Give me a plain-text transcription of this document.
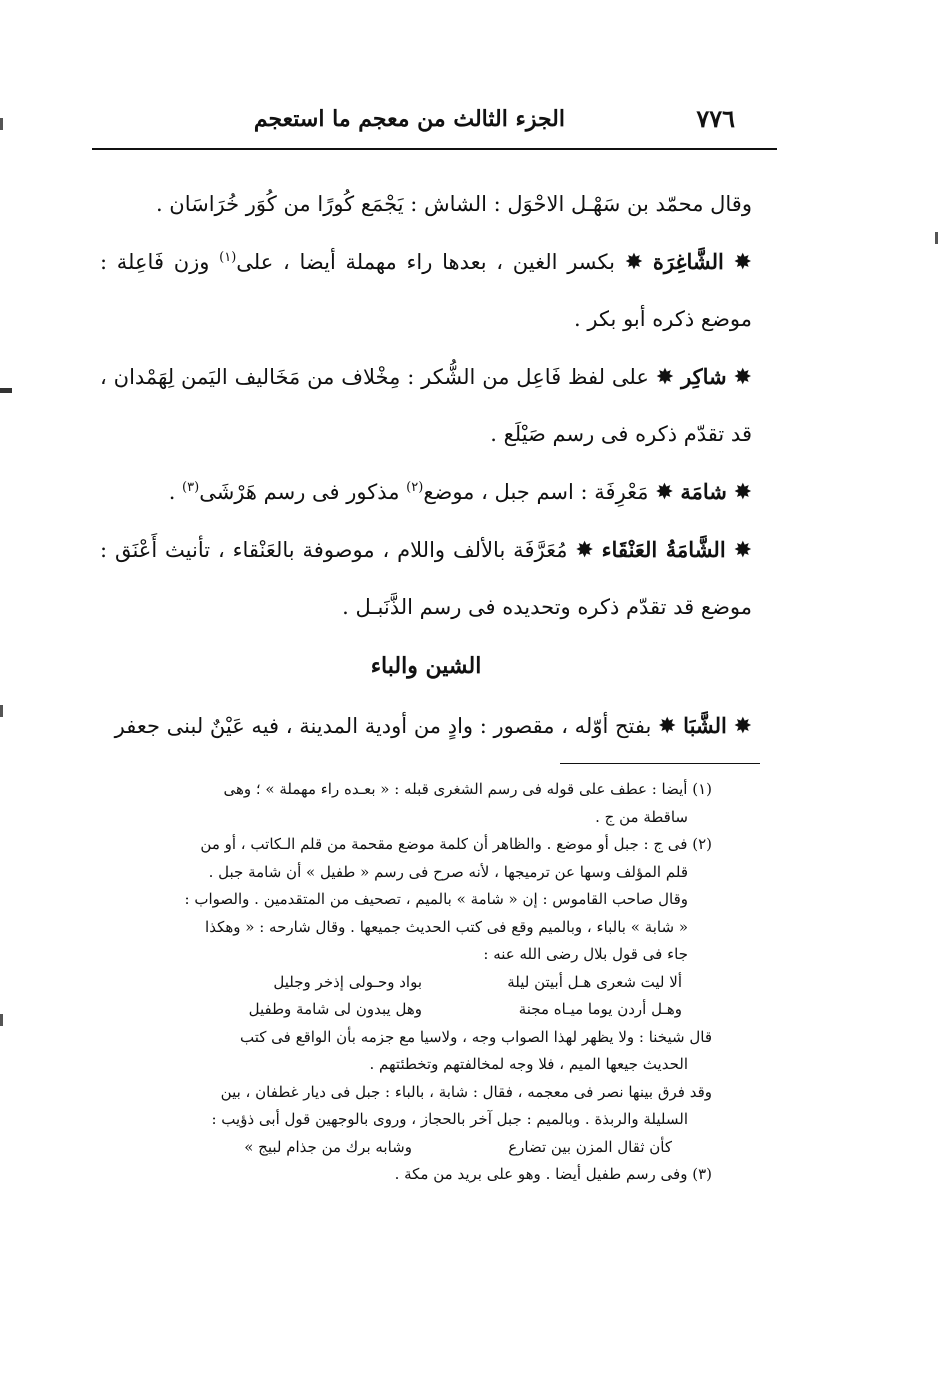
٧٧٦
الجزء الثالث من معجم ما استعجم

وقال محمّد بن سَهْـل الاحْوَل : الشاش : يَجْمَع كُورًا من كُوَر خُرَاسَان .

✸ الشَّاغِرَة ✸ بكسر الغين ، بعدها راء مهملة أيضا ، على$^{(١)}$ وزن فَاعِلة : موضع ذكره أبو بكر .

✸ شاكِر ✸ على لفظ فَاعِل من الشُّكر : مِخْلاف من مَخَاليف اليَمن لِهَمْدان ، قد تقدّم ذكره فى رسم صَيْلَع .

✸ شامَة ✸ مَعْرِفَة : اسم جبل ، موضع$^{(٢)}$ مذكور فى رسم هَرْشَى$^{(٣)}$ .

✸ الشَّامَةُ العَنْقَاء ✸ مُعَرَّفَة بالألف واللام ، موصوفة بالعَنْقاء ، تأنيث أَعْنَق : موضع قد تقدّم ذكره وتحديده فى رسم الذَّنَبـل .

الشين والباء

✸ الشَّبَا ✸ بفتح أوّله ، مقصور : وادٍ من أودية المدينة ، فيه عَيْنٌ لبنى جعفر

(١) أيضا : عطف على قوله فى رسم الشغرى قبله : « بعـده راء مهملة » ؛ وهى

ساقطة من ج .

(٢) فى ج : جبل أو موضع . والظاهر أن كلمة موضع مقحمة من قلم الـكاتب ، أو من

قلم المؤلف وسها عن ترميجها ، لأنه صرح فى رسم « طفيل » أن شامة جبل .

وقال صاحب القاموس : إن « شامة » بالميم ، تصحيف من المتقدمين . والصواب :

« شابة » بالباء ، وبالميم وقع فى كتب الحديث جميعها . وقال شارحه : « وهكذا

جاء فى قول بلال رضى الله عنه :

ألا ليت شعرى هـل أبيتن ليلة
بواد وحـولى إذخر وجليل
وهـل أردن يوما ميـاه مجنة
وهل يبدون لى شامة وطفيل

قال شيخنا : ولا يظهر لهذا الصواب وجه ، ولاسيا مع جزمه بأن الواقع فى كتب

الحديث جيعها الميم ، فلا وجه لمخالفتهم وتخطئتهم .

وقد فرق بينها نصر فى معجمه ، فقال : شابة ، بالباء : جبل فى ديار غطفان ، بين

السليلة والربذة . وبالميم : جبل آخر بالحجاز ، وروى بالوجهين قول أبى ذؤيب :

كأن ثقال المزن بين تضارع
وشابه برك من جذام لبيج »

(٣) وفى رسم طفيل أيضا . وهو على بريد من مكة .
